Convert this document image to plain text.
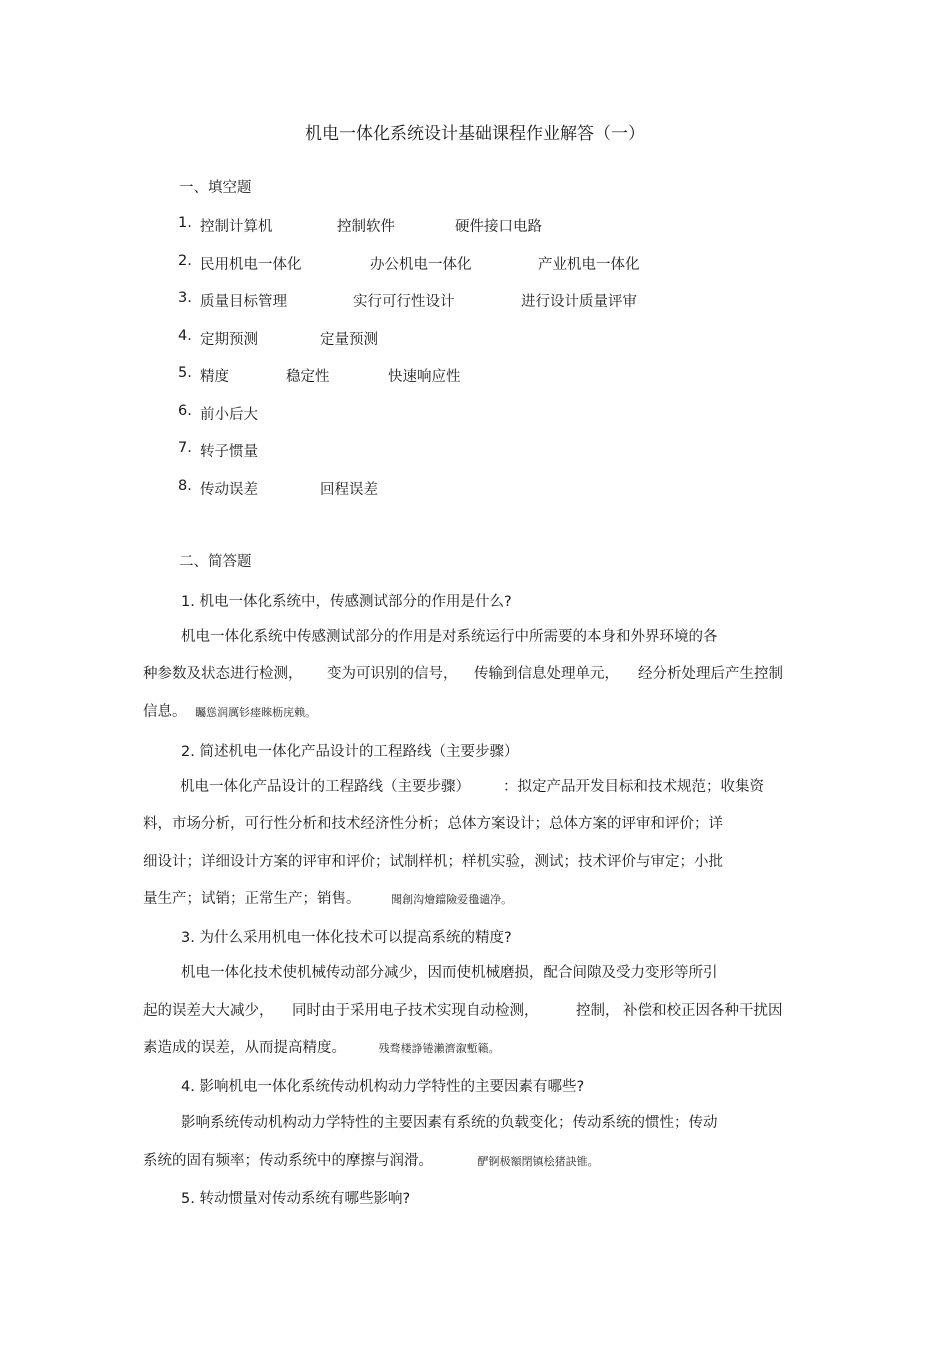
机电一体化系统设计基础课程作业解答（一）
一、填空题
1. 控制计算机	控制软件	硬件接口电路
2. 民用机电一体化	办公机电一体化	产业机电一体化
3. 质量目标管理	实行可行性设计	进行设计质量评审
4. 定期预测	定量预测
5. 精度	稳定性	快速响应性
6. 前小后大
7. 转子惯量
8. 传动误差	回程误差
二、简答题
1. 机电一体化系统中，传感测试部分的作用是什么?
机电一体化系统中传感测试部分的作用是对系统运行中所需要的本身和外界环境的各
种参数及状态进行检测， 变为可识别的信号， 传输到信息处理单元， 经分析处理后产生控制
信息。 矚慫润厲钐瘗睞枥庑赖。
2. 简述机电一体化产品设计的工程路线（主要步骤）
机电一体化产品设计的工程路线（主要步骤） ：拟定产品开发目标和技术规范；收集资
料，市场分析，可行性分析和技术经济性分析；总体方案设计；总体方案的评审和评价；详
细设计；详细设计方案的评审和评价；试制样机；样机实验，测试；技术评价与审定；小批
量生产；试销；正常生产；销售。	聞創沟燴鐺險爱氇谴净。
3. 为什么采用机电一体化技术可以提高系统的精度?
机电一体化技术使机械传动部分减少，因而使机械磨损，配合间隙及受力变形等所引
起的误差大大减少， 同时由于采用电子技术实现自动检测，	控制， 补偿和校正因各种干扰因
素造成的误差，从而提高精度。	残骛楼諍锩瀨濟溆塹籟。
4. 影响机电一体化系统传动机构动力学特性的主要因素有哪些?
影响系统传动机构动力学特性的主要因素有系统的负载变化；传动系统的惯性；传动
系统的固有频率；传动系统中的摩擦与润滑。	酽锕极額閉镇桧猪訣锥。
5. 转动惯量对传动系统有哪些影响?
